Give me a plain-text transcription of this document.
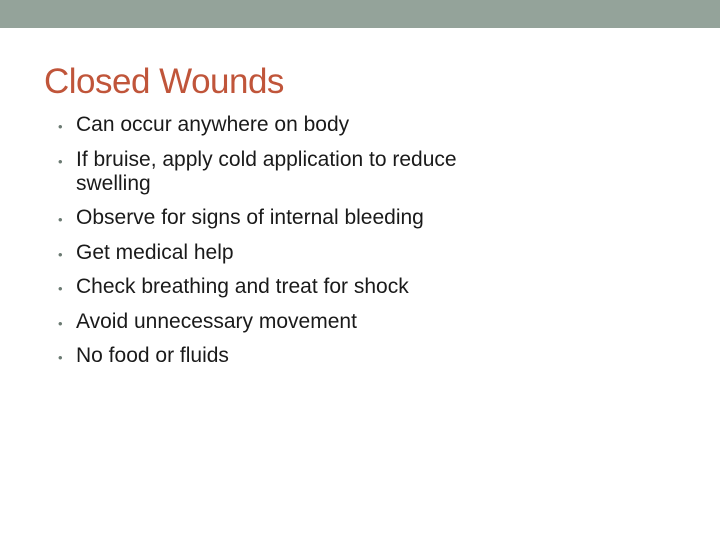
Closed Wounds
• Can occur anywhere on body
• If bruise, apply cold application to reduce swelling
• Observe for signs of internal bleeding
• Get medical help
• Check breathing and treat for shock
• Avoid unnecessary movement
• No food or fluids
